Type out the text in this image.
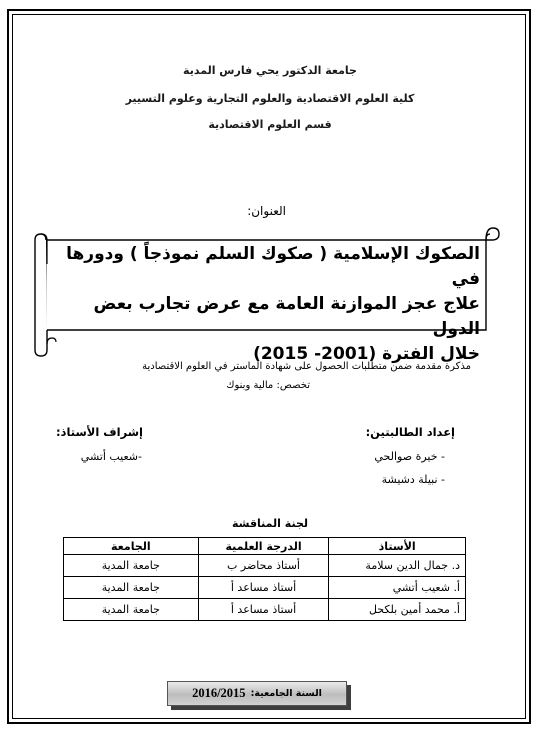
جامعة الدكتور يحي فارس المدية
كلية العلوم الاقتصادية والعلوم التجارية وعلوم التسيير
قسم العلوم الاقتصادية
العنوان:
الصكوك الإسلامية ( صكوك السلم نموذجاً ) ودورها في
علاج عجز الموازنة العامة مع عرض تجارب بعض الدول
خلال الفترة (2001- 2015)
مذكرة مقدمة ضمن متطلبات الحصول على شهادة الماستر في العلوم الاقتصادية
تخصص: مالية وبنوك
إعداد الطالبتين:
- خيرة صوالحي
- نبيلة دشيشة
إشراف الأستاذ:
-شعيب أتشي
لجنة المناقشة
الأستاذ	الدرجة العلمية	الجامعة
د. جمال الدين سلامة	أستاذ محاضر ب	جامعة المدية
أ. شعيب أتشي	أستاذ مساعد أ	جامعة المدية
أ. محمد أمين بلكحل	أستاذ مساعد أ	جامعة المدية
السنة الجامعية:
2016/2015
